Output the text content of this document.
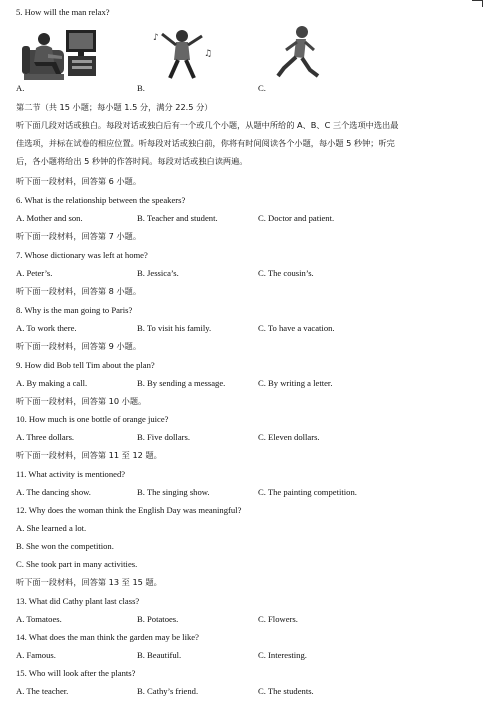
5. How will the man relax?
A.
♪
♫
B.	C.
第二节（共 15 小题；每小题 1.5 分，满分 22.5 分）
听下面几段对话或独白。每段对话或独白后有一个或几个小题，从题中所给的 A、B、C 三个选项中选出最
佳选项，并标在试卷的相应位置。听每段对话或独白前，你将有时间阅读各个小题，每小题 5 秒钟；听完
后，各小题将给出 5 秒钟的作答时间。每段对话或独白读两遍。
听下面一段材料，回答第 6 小题。
6. What is the relationship between the speakers?
A. Mother and son.	B. Teacher and student.	C. Doctor and patient.
听下面一段材料，回答第 7 小题。
7. Whose dictionary was left at home?
A. Peter’s.	B. Jessica’s.	C. The cousin’s.
听下面一段材料，回答第 8 小题。
8. Why is the man going to Paris?
A. To work there.	B. To visit his family.	C. To have a vacation.
听下面一段材料，回答第 9 小题。
9. How did Bob tell Tim about the plan?
A. By making a call.	B. By sending a message.	C. By writing a letter.
听下面一段材料，回答第 10 小题。
10. How much is one bottle of orange juice?
A. Three dollars.	B. Five dollars.	C. Eleven dollars.
听下面一段材料，回答第 11 至 12 题。
11. What activity is mentioned?
A. The dancing show.	B. The singing show.	C. The painting competition.
12. Why does the woman think the English Day was meaningful?
A. She learned a lot.
B. She won the competition.
C. She took part in many activities.
听下面一段材料，回答第 13 至 15 题。
13. What did Cathy plant last class?
A. Tomatoes.	B. Potatoes.	C. Flowers.
14. What does the man think the garden may be like?
A. Famous.	B. Beautiful.	C. Interesting.
15. Who will look after the plants?
A. The teacher.	B. Cathy’s friend.	C. The students.
